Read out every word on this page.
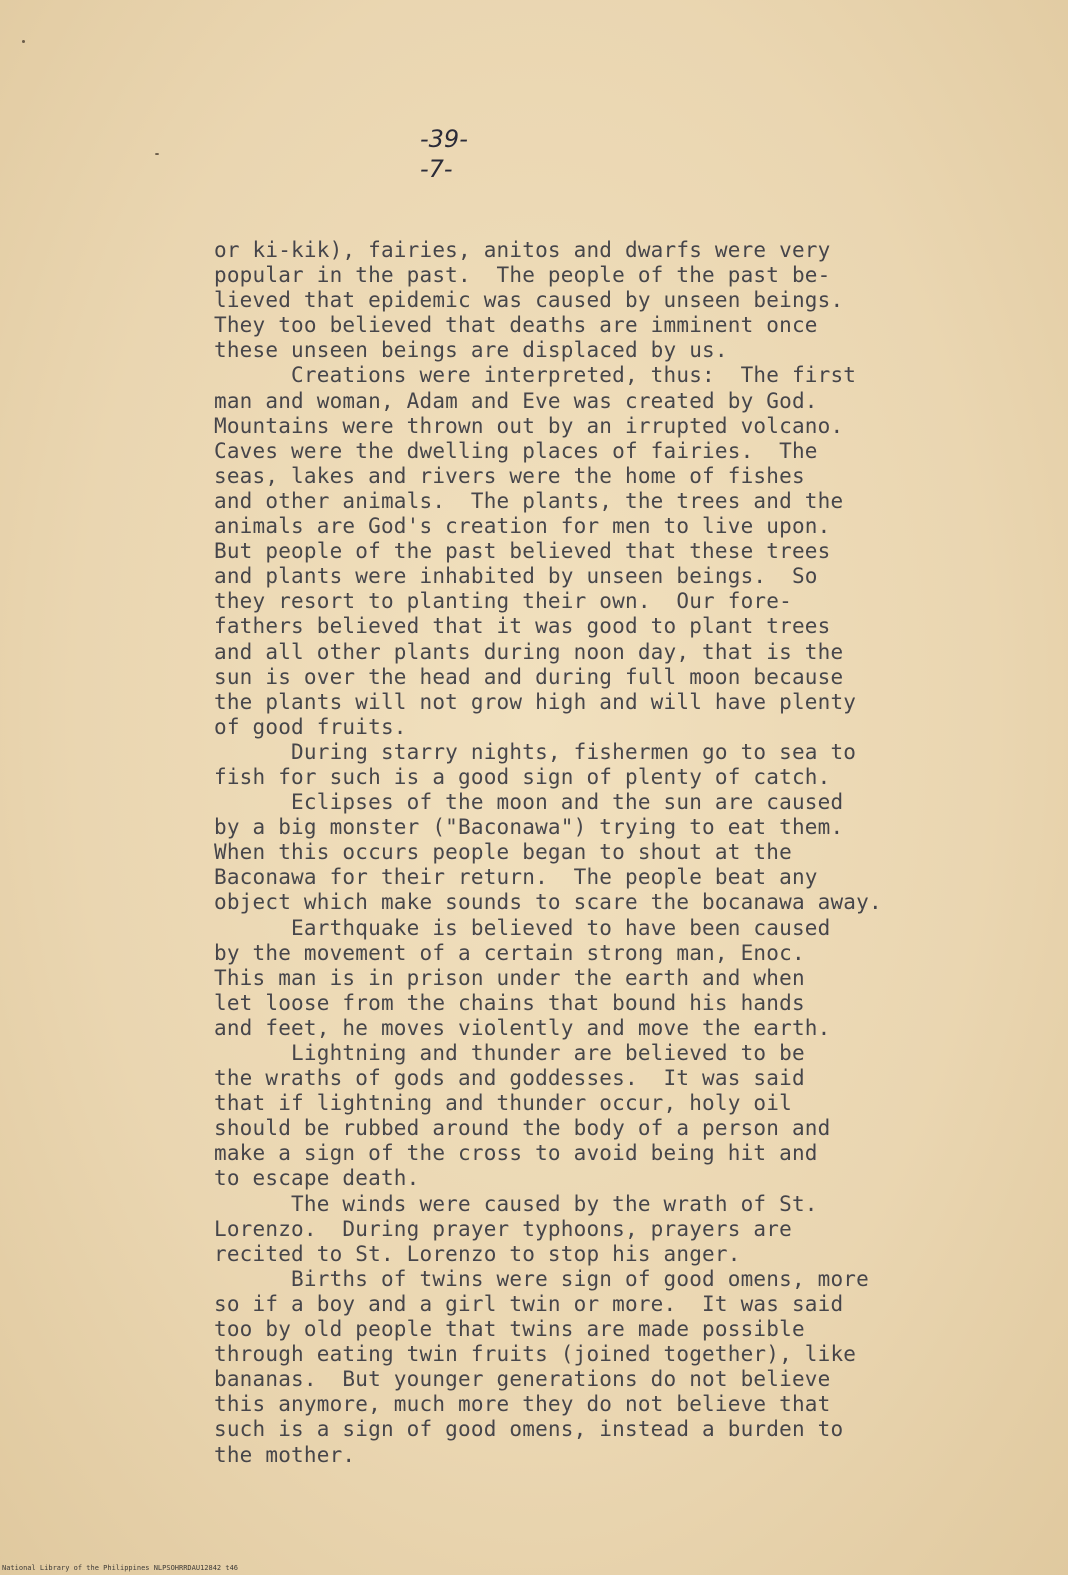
-39-
-7-
or ki-kik), fairies, anitos and dwarfs were very
popular in the past.  The people of the past be-
lieved that epidemic was caused by unseen beings.
They too believed that deaths are imminent once
these unseen beings are displaced by us.
Creations were interpreted, thus:  The first
man and woman, Adam and Eve was created by God.
Mountains were thrown out by an irrupted volcano.
Caves were the dwelling places of fairies.  The
seas, lakes and rivers were the home of fishes
and other animals.  The plants, the trees and the
animals are God's creation for men to live upon.
But people of the past believed that these trees
and plants were inhabited by unseen beings.  So
they resort to planting their own.  Our fore-
fathers believed that it was good to plant trees
and all other plants during noon day, that is the
sun is over the head and during full moon because
the plants will not grow high and will have plenty
of good fruits.
During starry nights, fishermen go to sea to
fish for such is a good sign of plenty of catch.
Eclipses of the moon and the sun are caused
by a big monster ("Baconawa") trying to eat them.
When this occurs people began to shout at the
Baconawa for their return.  The people beat any
object which make sounds to scare the bocanawa away.
Earthquake is believed to have been caused
by the movement of a certain strong man, Enoc.
This man is in prison under the earth and when
let loose from the chains that bound his hands
and feet, he moves violently and move the earth.
Lightning and thunder are believed to be
the wraths of gods and goddesses.  It was said
that if lightning and thunder occur, holy oil
should be rubbed around the body of a person and
make a sign of the cross to avoid being hit and
to escape death.
The winds were caused by the wrath of St.
Lorenzo.  During prayer typhoons, prayers are
recited to St. Lorenzo to stop his anger.
Births of twins were sign of good omens, more
so if a boy and a girl twin or more.  It was said
too by old people that twins are made possible
through eating twin fruits (joined together), like
bananas.  But younger generations do not believe
this anymore, much more they do not believe that
such is a sign of good omens, instead a burden to
the mother.
National Library of the Philippines NLPSOHRRDAU12842 t46
